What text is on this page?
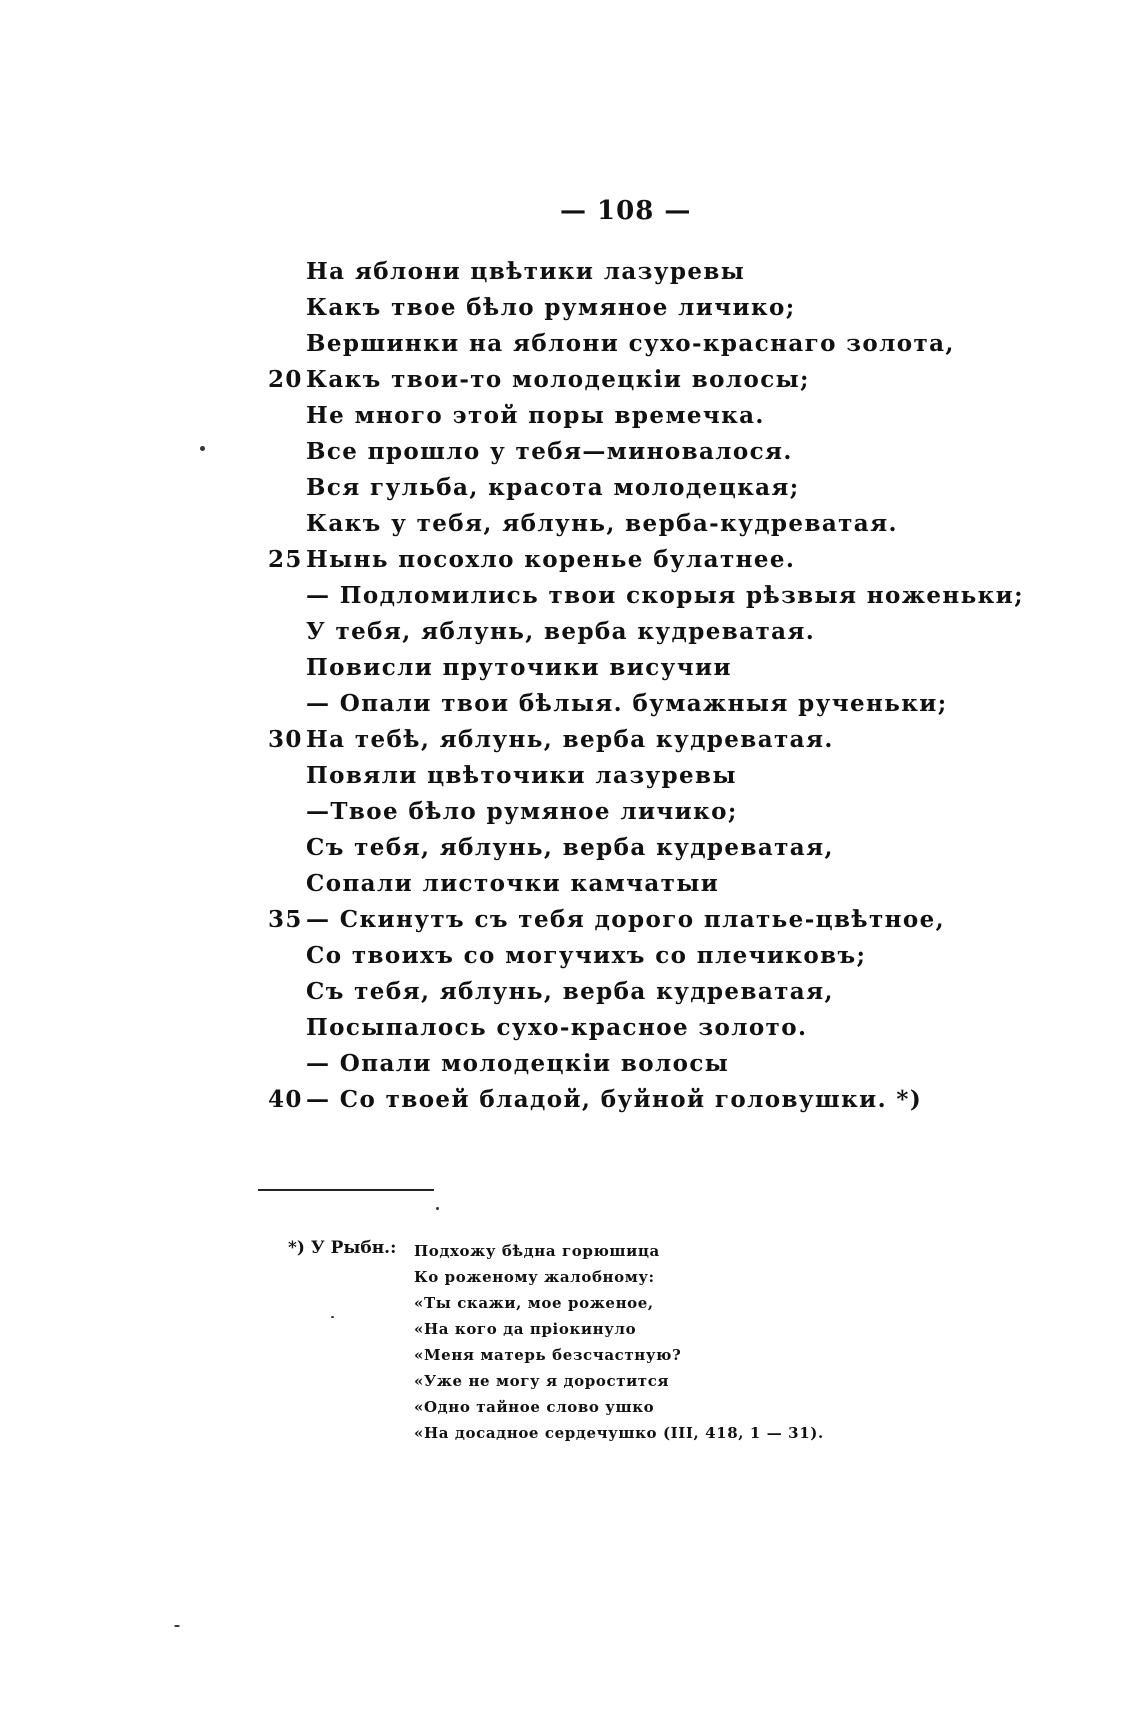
— 108 —
На яблони цвѣтики лазуревы
Какъ твое бѣло румяное личико;
Вершинки на яблони сухо-краснаго золота,
20 Какъ твои-то молодецкіи волосы;
Не много этой поры времечка.
Все прошло у тебя—миновалося.
Вся гульба, красота молодецкая;
Какъ у тебя, яблунь, верба-кудреватая.
25 Нынь посохло коренье булатнее.
— Подломились твои скорыя рѣзвыя ноженьки;
У тебя, яблунь, верба кудреватая.
Повисли пруточики висучии
— Опали твои бѣлыя. бумажныя рученьки;
30 На тебѣ, яблунь, верба кудреватая.
Повяли цвѣточики лазуревы
—Твое бѣло румяное личико;
Съ тебя, яблунь, верба кудреватая,
Сопали листочки камчатыи
35 — Скинутъ съ тебя дорого платье-цвѣтное,
Со твоихъ со могучихъ со плечиковъ;
Съ тебя, яблунь, верба кудреватая,
Посыпалось сухо-красное золото.
— Опали молодецкіи волосы
40 — Со твоей бладой, буйной головушки. *)
*) У Рыбн.: Подхожу бѣдна горюшица
Ко роженому жалобному:
«Ты скажи, мое роженое,
«На кого да пріокинуло
«Меня матерь безсчастную?
«Уже не могу я доростится
«Одно тайное слово ушко
«На досадное сердечушко (III, 418, 1 — 31).
